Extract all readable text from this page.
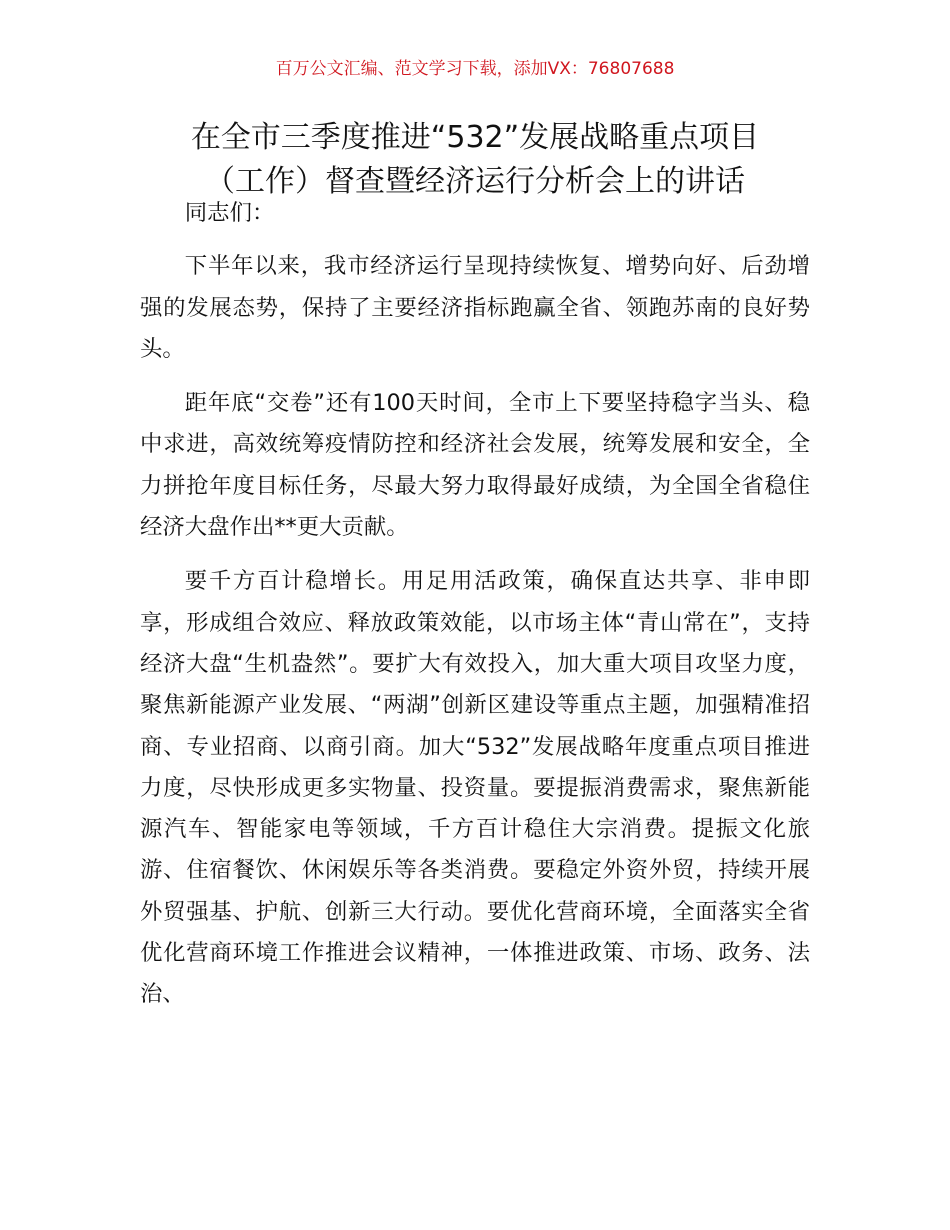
百万公文汇编、范文学习下载，添加VX：76807688
在全市三季度推进“532”发展战略重点项目
（工作）督查暨经济运行分析会上的讲话

同志们：

下半年以来，我市经济运行呈现持续恢复、增势向好、后劲增强的发展态势，保持了主要经济指标跑赢全省、领跑苏南的良好势头。

距年底“交卷”还有100天时间，全市上下要坚持稳字当头、稳中求进，高效统筹疫情防控和经济社会发展，统筹发展和安全，全力拼抢年度目标任务，尽最大努力取得最好成绩，为全国全省稳住经济大盘作出**更大贡献。

要千方百计稳增长。用足用活政策，确保直达共享、非申即享，形成组合效应、释放政策效能，以市场主体“青山常在”，支持经济大盘“生机盎然”。要扩大有效投入，加大重大项目攻坚力度，聚焦新能源产业发展、“两湖”创新区建设等重点主题，加强精准招商、专业招商、以商引商。加大“532”发展战略年度重点项目推进力度，尽快形成更多实物量、投资量。要提振消费需求，聚焦新能源汽车、智能家电等领域，千方百计稳住大宗消费。提振文化旅游、住宿餐饮、休闲娱乐等各类消费。要稳定外资外贸，持续开展外贸强基、护航、创新三大行动。要优化营商环境，全面落实全省优化营商环境工作推进会议精神，一体推进政策、市场、政务、法治、
